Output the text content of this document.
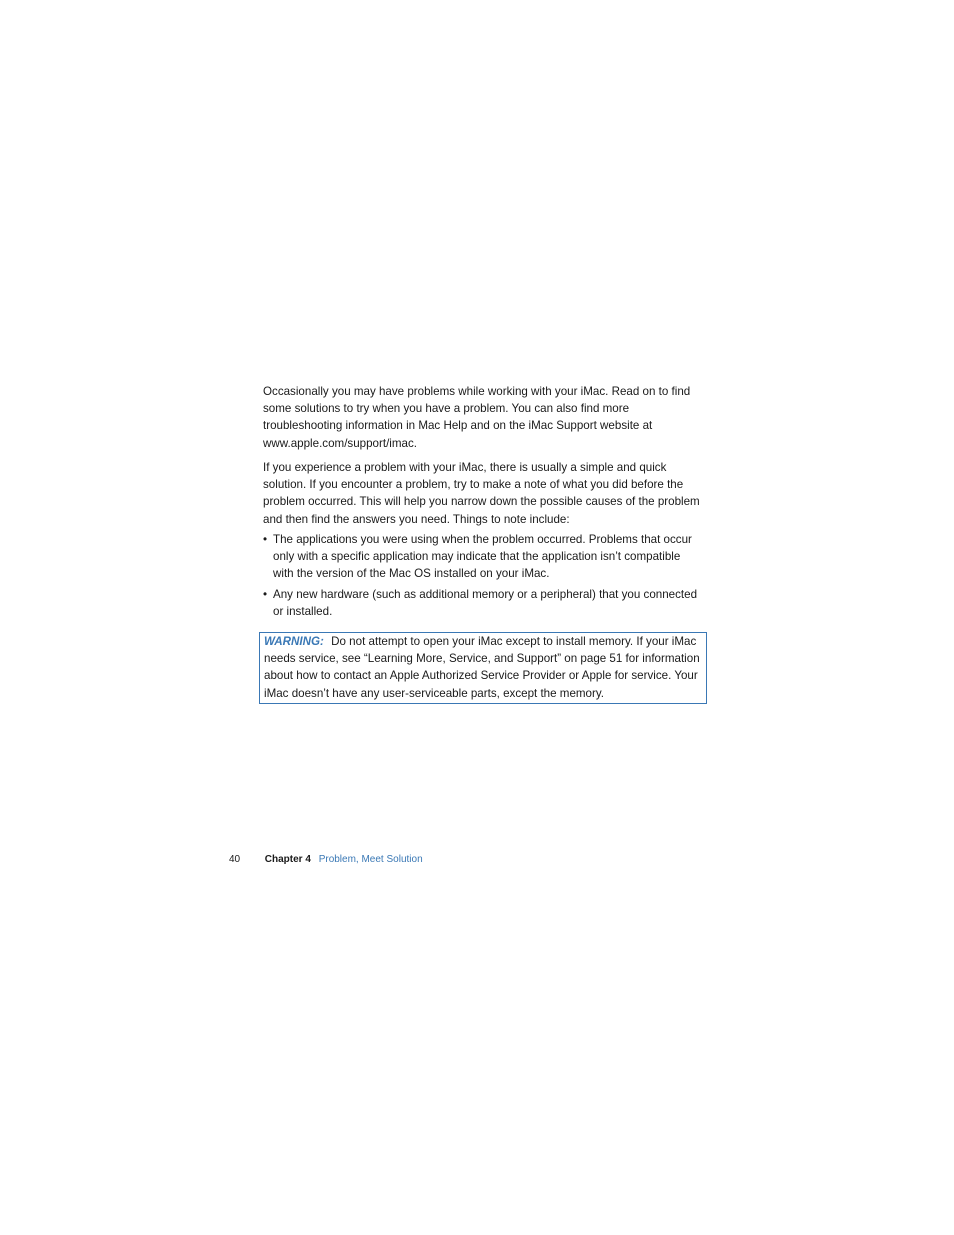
Occasionally you may have problems while working with your iMac. Read on to find some solutions to try when you have a problem. You can also find more troubleshooting information in Mac Help and on the iMac Support website at www.apple.com/support/imac.

If you experience a problem with your iMac, there is usually a simple and quick solution. If you encounter a problem, try to make a note of what you did before the problem occurred. This will help you narrow down the possible causes of the problem and then find the answers you need. Things to note include:

• The applications you were using when the problem occurred. Problems that occur only with a specific application may indicate that the application isn’t compatible with the version of the Mac OS installed on your iMac.
• Any new hardware (such as additional memory or a peripheral) that you connected or installed.
WARNING: Do not attempt to open your iMac except to install memory. If your iMac needs service, see “Learning More, Service, and Support” on page 51 for information about how to contact an Apple Authorized Service Provider or Apple for service. Your iMac doesn’t have any user-serviceable parts, except the memory.
40 Chapter 4 Problem, Meet Solution
